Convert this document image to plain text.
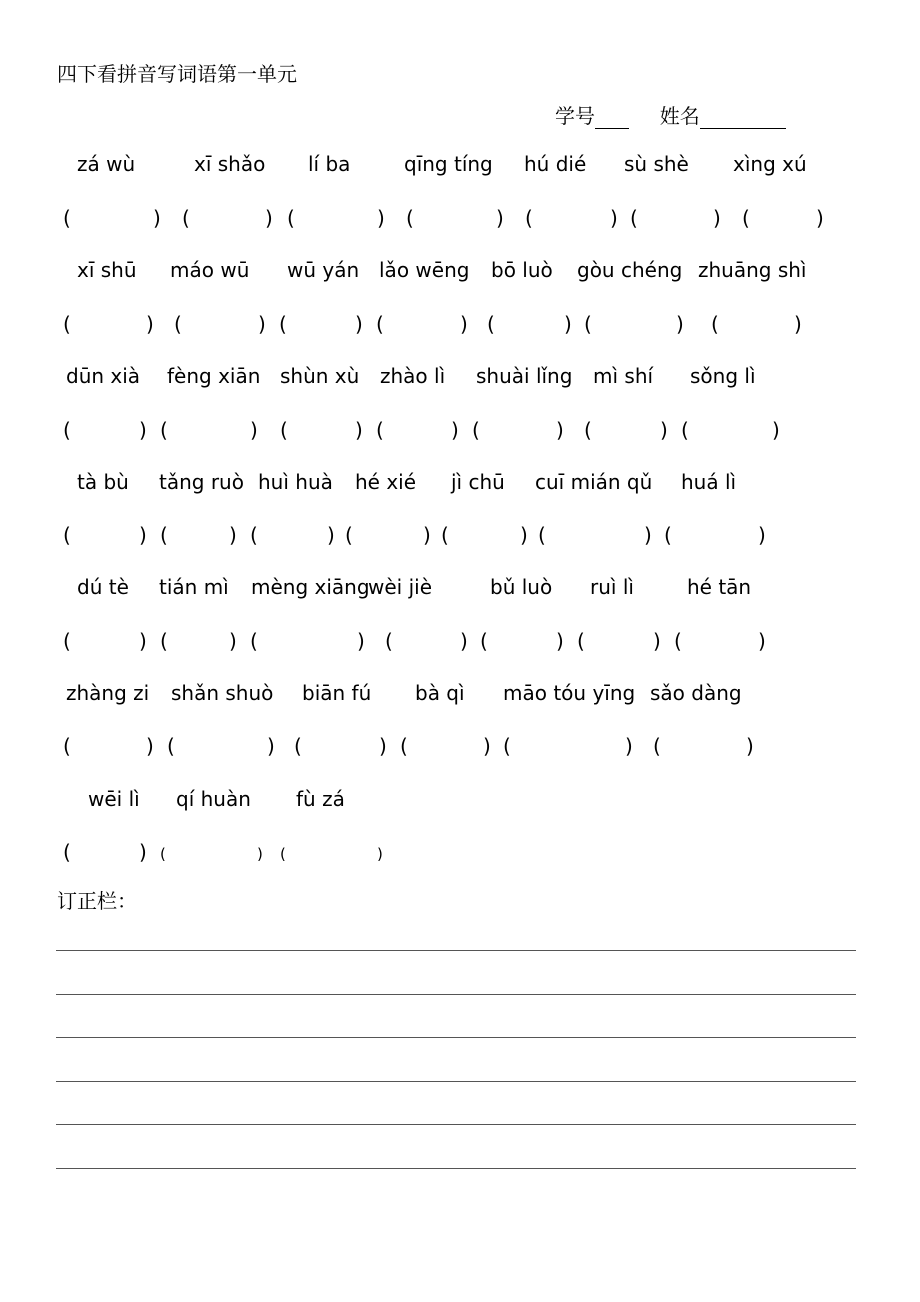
四下看拼音写词语第一单元
学号	姓名
zá wù
(	)
xī shǎo
(	)
lí ba
(	)
qīng tíng
(	)
hú dié
(	)
sù shè
(	)
xìng xú
(	)
xī shū
(	)
máo wū
(	)
wū yán
(	)
lǎo wēng
(	)
bō luò
(	)
gòu chéng
(	)
zhuāng shì
(	)
dūn xià
(	)
fèng xiān
(	)
shùn xù
(	)
zhào lì
(	)
shuài lǐng
(	)
mì shí
(	)
sǒng lì
(	)
tà bù
(	)
tǎng ruò
(	)
huì huà
(	)
hé xié
(	)
jì chū
(	)
cuī mián qǔ
(	)
huá lì
(	)
dú tè
(	)
tián mì
(	)
mèng xiāng
(	)
wèi jiè
(	)
bǔ luò
(	)
ruì lì
(	)
hé tān
(	)
zhàng zi
(	)
shǎn shuò
(	)
biān fú
(	)
bà qì
(	)
māo tóu yīng
(	)
sǎo dàng
(	)
wēi lì
(	)
qí huàn
(	)
fù zá
(	)
订正栏：
